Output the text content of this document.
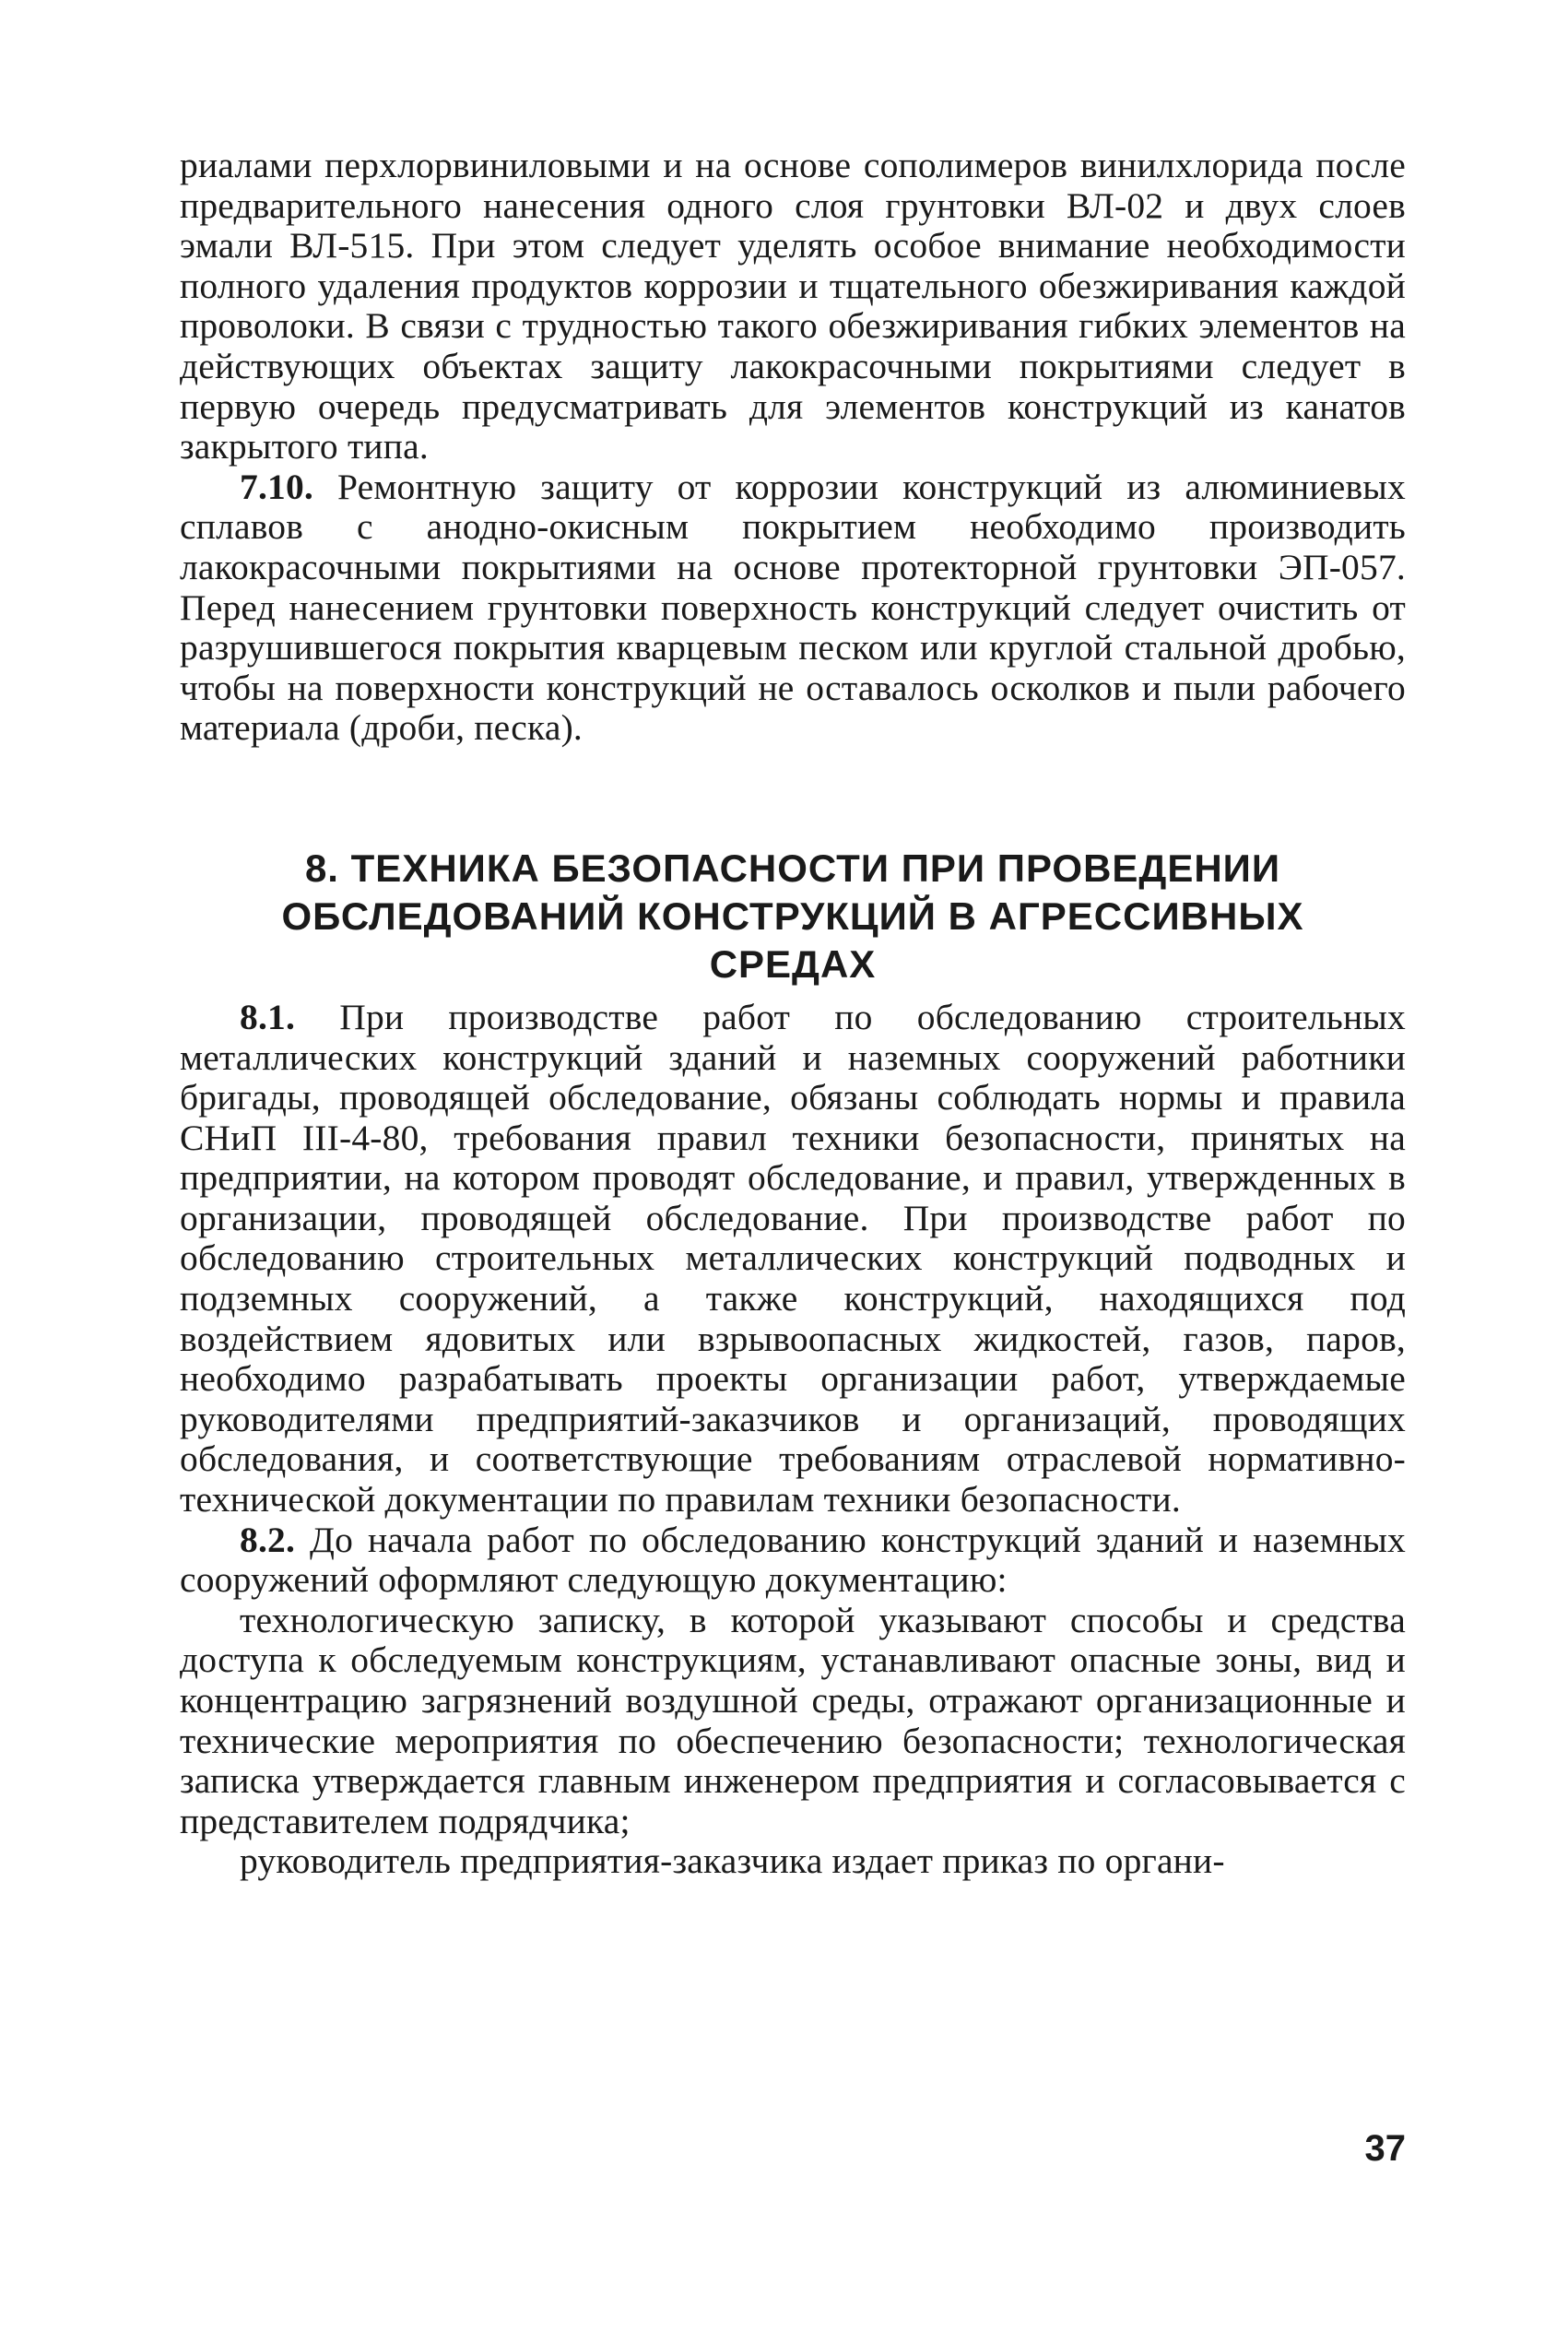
риалами перхлорвиниловыми и на основе сополимеров винилхлорида после предварительного нанесения одного слоя грунтовки ВЛ-02 и двух слоев эмали ВЛ-515. При этом следует уделять особое внимание необходимости полного удаления продуктов коррозии и тщательного обезжиривания каждой проволоки. В связи с трудностью такого обезжиривания гибких элементов на действующих объектах защиту лакокрасочными покрытиями следует в первую очередь предусматривать для элементов конструкций из канатов закрытого типа.

7.10. Ремонтную защиту от коррозии конструкций из алюминиевых сплавов с анодно-окисным покрытием необходимо производить лакокрасочными покрытиями на основе протекторной грунтовки ЭП-057. Перед нанесением грунтовки поверхность конструкций следует очистить от разрушившегося покрытия кварцевым песком или круглой стальной дробью, чтобы на поверхности конструкций не оставалось осколков и пыли рабочего материала (дроби, песка).

8. ТЕХНИКА БЕЗОПАСНОСТИ ПРИ ПРОВЕДЕНИИ
ОБСЛЕДОВАНИЙ КОНСТРУКЦИЙ В АГРЕССИВНЫХ
СРЕДАХ

8.1. При производстве работ по обследованию строительных металлических конструкций зданий и наземных сооружений работники бригады, проводящей обследование, обязаны соблюдать нормы и правила СНиП III-4-80, требования правил техники безопасности, принятых на предприятии, на котором проводят обследование, и правил, утвержденных в организации, проводящей обследование. При производстве работ по обследованию строительных металлических конструкций подводных и подземных сооружений, а также конструкций, находящихся под воздействием ядовитых или взрывоопасных жидкостей, газов, паров, необходимо разрабатывать проекты организации работ, утверждаемые руководителями предприятий-заказчиков и организаций, проводящих обследования, и соответствующие требованиям отраслевой нормативно-технической документации по правилам техники безопасности.

8.2. До начала работ по обследованию конструкций зданий и наземных сооружений оформляют следующую документацию:

технологическую записку, в которой указывают способы и средства доступа к обследуемым конструкциям, устанавливают опасные зоны, вид и концентрацию загрязнений воздушной среды, отражают организационные и технические мероприятия по обеспечению безопасности; технологическая записка утверждается главным инженером предприятия и согласовывается с представителем подрядчика;

руководитель предприятия-заказчика издает приказ по органи-

37
